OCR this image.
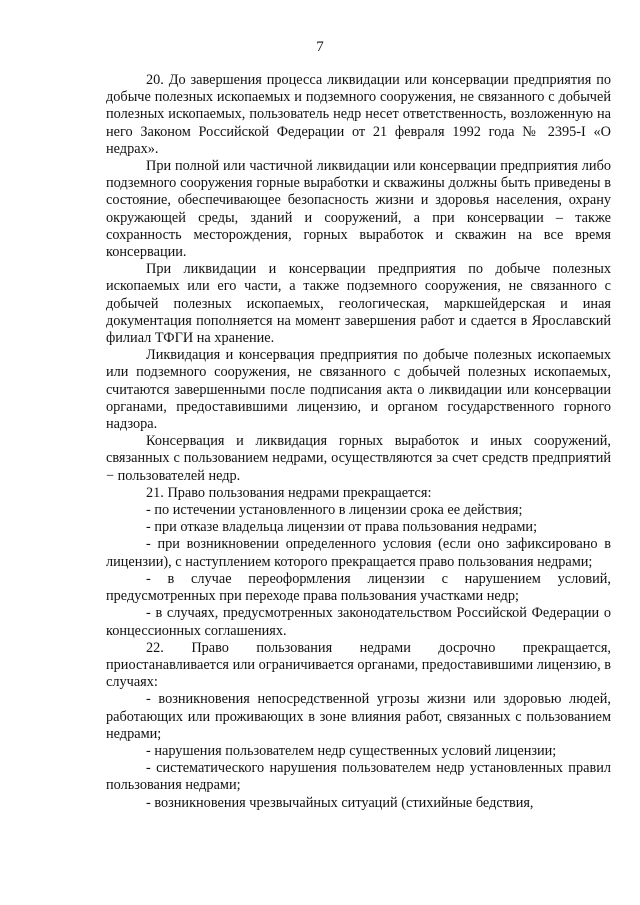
7

20. До завершения процесса ликвидации или консервации предприятия по добыче полезных ископаемых и подземного сооружения, не связанного с добычей полезных ископаемых, пользователь недр несет ответственность, возложенную на него Законом Российской Федерации от 21 февраля 1992 года № 2395-I «О недрах».

При полной или частичной ликвидации или консервации предприятия либо подземного сооружения горные выработки и скважины должны быть приведены в состояние, обеспечивающее безопасность жизни и здоровья населения, охрану окружающей среды, зданий и сооружений, а при консервации – также сохранность месторождения, горных выработок и скважин на все время консервации.

При ликвидации и консервации предприятия по добыче полезных ископаемых или его части, а также подземного сооружения, не связанного с добычей полезных ископаемых, геологическая, маркшейдерская и иная документация пополняется на момент завершения работ и сдается в Ярославский филиал ТФГИ на хранение.

Ликвидация и консервация предприятия по добыче полезных ископаемых или подземного сооружения, не связанного с добычей полезных ископаемых, считаются завершенными после подписания акта о ликвидации или консервации органами, предоставившими лицензию, и органом государственного горного надзора.

Консервация и ликвидация горных выработок и иных сооружений, связанных с пользованием недрами, осуществляются за счет средств предприятий − пользователей недр.

21. Право пользования недрами прекращается:

- по истечении установленного в лицензии срока ее действия;

- при отказе владельца лицензии от права пользования недрами;

- при возникновении определенного условия (если оно зафиксировано в лицензии), с наступлением которого прекращается право пользования недрами;

- в случае переоформления лицензии с нарушением условий, предусмотренных при переходе права пользования участками недр;

- в случаях, предусмотренных законодательством Российской Федерации о концессионных соглашениях.

22. Право пользования недрами досрочно прекращается, приостанавливается или ограничивается органами, предоставившими лицензию, в случаях:

- возникновения непосредственной угрозы жизни или здоровью людей, работающих или проживающих в зоне влияния работ, связанных с пользованием недрами;

- нарушения пользователем недр существенных условий лицензии;

- систематического нарушения пользователем недр установленных правил пользования недрами;

- возникновения чрезвычайных ситуаций (стихийные бедствия,
